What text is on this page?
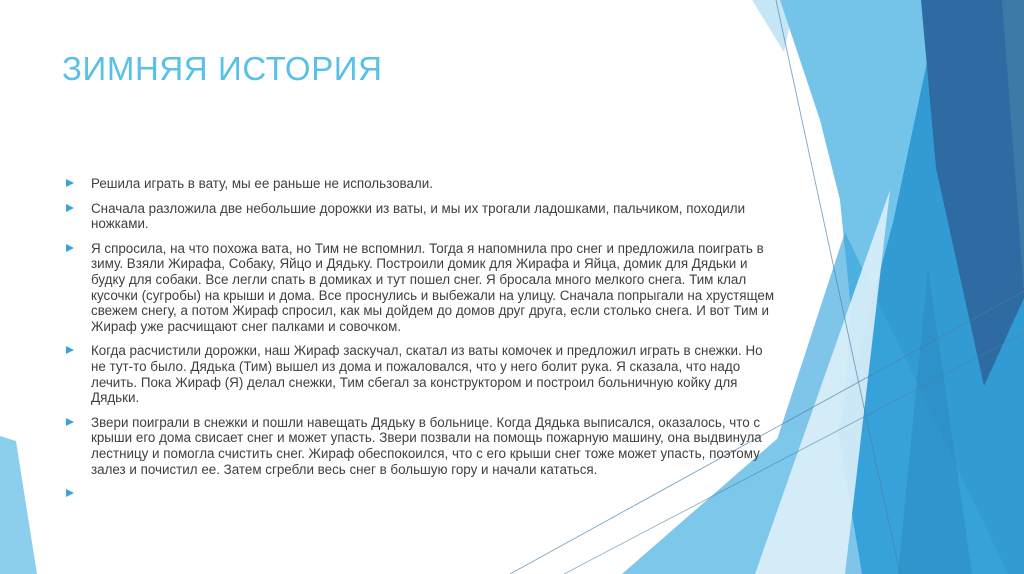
ЗИМНЯЯ ИСТОРИЯ
Решила играть в вату, мы ее раньше не использовали.
Сначала разложила две небольшие дорожки из ваты, и мы их трогали ладошками, пальчиком, походили ножками.
Я спросила, на что похожа вата, но Тим не вспомнил. Тогда я напомнила про снег и предложила поиграть в зиму. Взяли Жирафа, Собаку, Яйцо и Дядьку. Построили домик для Жирафа и Яйца, домик для Дядьки и будку для собаки. Все легли спать в домиках и тут пошел снег. Я бросала много мелкого снега. Тим клал кусочки (сугробы) на крыши и дома. Все проснулись и выбежали на улицу. Сначала попрыгали на хрустящем свежем снегу, а потом Жираф спросил, как мы дойдем до домов друг друга, если столько снега. И вот Тим и Жираф уже расчищают снег палками и совочком.
Когда расчистили дорожки, наш Жираф заскучал, скатал из ваты комочек и предложил играть в снежки. Но не тут-то было. Дядька (Тим) вышел из дома и пожаловался, что у него болит рука. Я сказала, что надо лечить. Пока Жираф (Я) делал снежки, Тим сбегал за конструктором и построил больничную койку для Дядьки.
Звери поиграли в снежки и пошли навещать Дядьку в больнице. Когда Дядька выписался, оказалось, что с крыши его дома свисает снег и может упасть. Звери позвали на помощь пожарную машину, она выдвинула лестницу и помогла счистить снег. Жираф обеспокоился, что с его крыши снег тоже может упасть, поэтому залез и почистил ее. Затем сгребли весь снег в большую гору и начали кататься.
